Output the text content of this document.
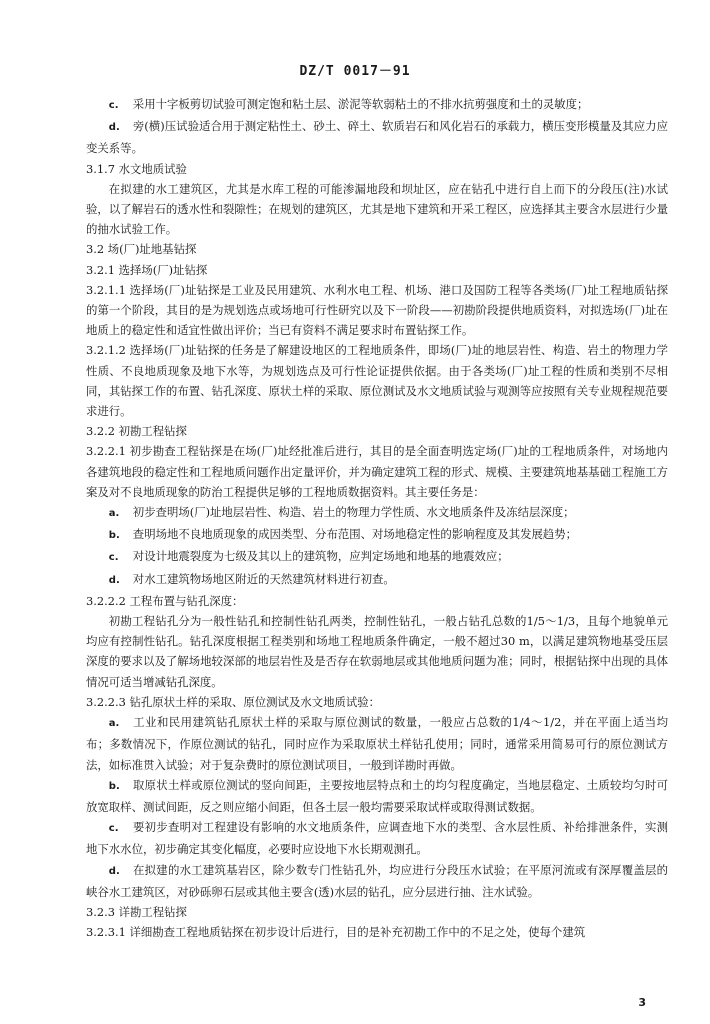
DZ/T 0017－91

c. 采用十字板剪切试验可测定饱和粘土层、淤泥等软弱粘土的不排水抗剪强度和土的灵敏度；

d. 旁(横)压试验适合用于测定粘性土、砂土、碎土、软质岩石和风化岩石的承载力，横压变形模量及其应力应变关系等。

3.1.7 水文地质试验

在拟建的水工建筑区，尤其是水库工程的可能渗漏地段和坝址区，应在钻孔中进行自上而下的分段压(注)水试验，以了解岩石的透水性和裂隙性；在规划的建筑区，尤其是地下建筑和开采工程区，应选择其主要含水层进行少量的抽水试验工作。

3.2 场(厂)址地基钻探

3.2.1 选择场(厂)址钻探

3.2.1.1 选择场(厂)址钻探是工业及民用建筑、水利水电工程、机场、港口及国防工程等各类场(厂)址工程地质钻探的第一个阶段，其目的是为规划选点或场地可行性研究以及下一阶段——初勘阶段提供地质资料，对拟选场(厂)址在地质上的稳定性和适宜性做出评价；当已有资料不满足要求时布置钻探工作。

3.2.1.2 选择场(厂)址钻探的任务是了解建设地区的工程地质条件，即场(厂)址的地层岩性、构造、岩土的物理力学性质、不良地质现象及地下水等，为规划选点及可行性论证提供依据。由于各类场(厂)址工程的性质和类别不尽相同，其钻探工作的布置、钻孔深度、原状土样的采取、原位测试及水文地质试验与观测等应按照有关专业规程规范要求进行。

3.2.2 初勘工程钻探

3.2.2.1 初步勘查工程钻探是在场(厂)址经批准后进行，其目的是全面查明选定场(厂)址的工程地质条件，对场地内各建筑地段的稳定性和工程地质问题作出定量评价，并为确定建筑工程的形式、规模、主要建筑地基基础工程施工方案及对不良地质现象的防治工程提供足够的工程地质数据资料。其主要任务是：

a. 初步查明场(厂)址地层岩性、构造、岩土的物理力学性质、水文地质条件及冻结层深度；

b. 查明场地不良地质现象的成因类型、分布范围、对场地稳定性的影响程度及其发展趋势；

c. 对设计地震裂度为七级及其以上的建筑物，应判定场地和地基的地震效应；

d. 对水工建筑物场地区附近的天然建筑材料进行初查。

3.2.2.2 工程布置与钻孔深度：

初勘工程钻孔分为一般性钻孔和控制性钻孔两类，控制性钻孔，一般占钻孔总数的1/5～1/3，且每个地貌单元均应有控制性钻孔。钻孔深度根据工程类别和场地工程地质条件确定，一般不超过30 m，以满足建筑物地基受压层深度的要求以及了解场地较深部的地层岩性及是否存在软弱地层或其他地质问题为准；同时，根据钻探中出现的具体情况可适当增减钻孔深度。

3.2.2.3 钻孔原状土样的采取、原位测试及水文地质试验：

a. 工业和民用建筑钻孔原状土样的采取与原位测试的数量，一般应占总数的1/4～1/2，并在平面上适当均布；多数情况下，作原位测试的钻孔，同时应作为采取原状土样钻孔使用；同时，通常采用简易可行的原位测试方法，如标准贯入试验；对于复杂费时的原位测试项目，一般到详勘时再做。

b. 取原状土样或原位测试的竖向间距，主要按地层特点和土的均匀程度确定，当地层稳定、土质较均匀时可放宽取样、测试间距，反之则应缩小间距，但各土层一般均需要采取试样或取得测试数据。

c. 要初步查明对工程建设有影响的水文地质条件，应调查地下水的类型、含水层性质、补给排泄条件，实测地下水水位，初步确定其变化幅度，必要时应设地下水长期观测孔。

d. 在拟建的水工建筑基岩区，除少数专门性钻孔外，均应进行分段压水试验；在平原河流或有深厚覆盖层的峡谷水工建筑区，对砂砾卵石层或其他主要含(透)水层的钻孔，应分层进行抽、注水试验。

3.2.3 详勘工程钻探

3.2.3.1 详细勘查工程地质钻探在初步设计后进行，目的是补充初勘工作中的不足之处，使每个建筑

3
